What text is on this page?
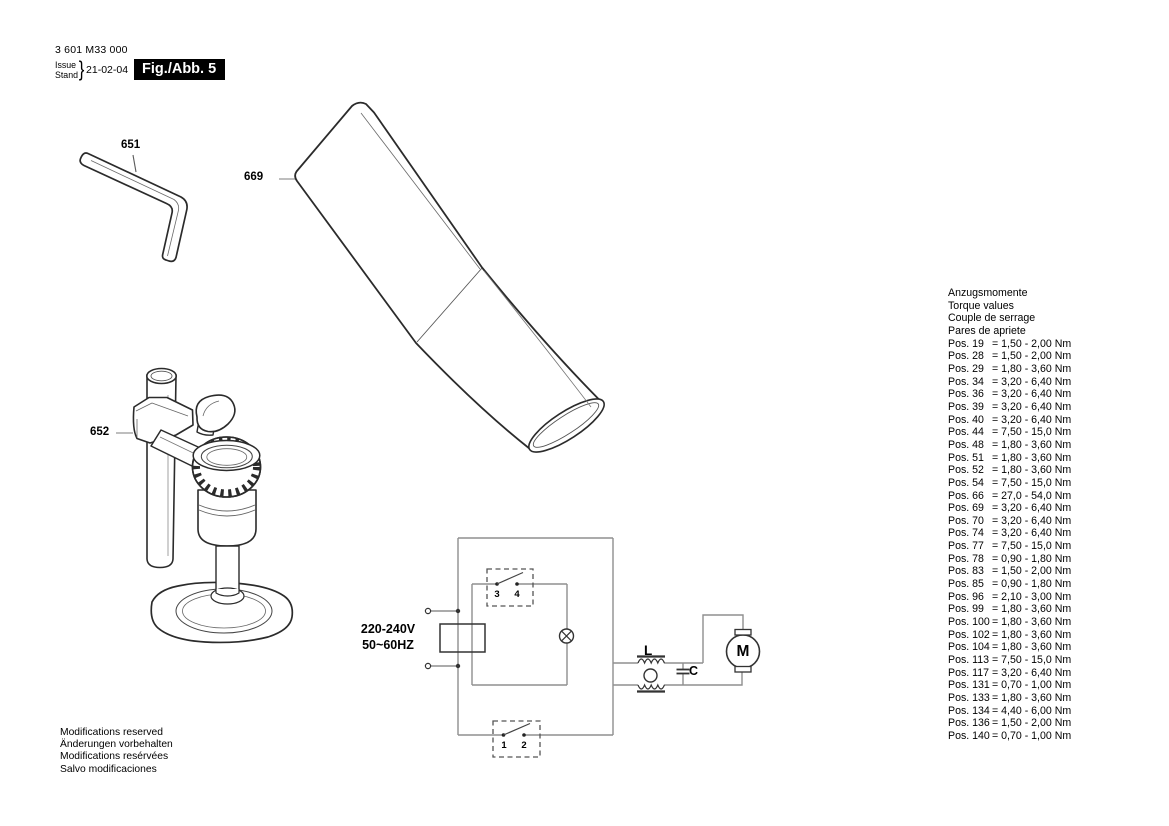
3 601 M33 000
Issue
Stand } 21-02-04 Fig./Abb. 5
651
669
652
220-240V
50~60HZ
3 4
1 2
L
C
M
Anzugsmomente
Torque values
Couple de serrage
Pares de apriete
Pos. 19 = 1,50 - 2,00 Nm
Pos. 28 = 1,50 - 2,00 Nm
Pos. 29 = 1,80 - 3,60 Nm
Pos. 34 = 3,20 - 6,40 Nm
Pos. 36 = 3,20 - 6,40 Nm
Pos. 39 = 3,20 - 6,40 Nm
Pos. 40 = 3,20 - 6,40 Nm
Pos. 44 = 7,50 - 15,0 Nm
Pos. 48 = 1,80 - 3,60 Nm
Pos. 51 = 1,80 - 3,60 Nm
Pos. 52 = 1,80 - 3,60 Nm
Pos. 54 = 7,50 - 15,0 Nm
Pos. 66 = 27,0 - 54,0 Nm
Pos. 69 = 3,20 - 6,40 Nm
Pos. 70 = 3,20 - 6,40 Nm
Pos. 74 = 3,20 - 6,40 Nm
Pos. 77 = 7,50 - 15,0 Nm
Pos. 78 = 0,90 - 1,80 Nm
Pos. 83 = 1,50 - 2,00 Nm
Pos. 85 = 0,90 - 1,80 Nm
Pos. 96 = 2,10 - 3,00 Nm
Pos. 99 = 1,80 - 3,60 Nm
Pos. 100 = 1,80 - 3,60 Nm
Pos. 102 = 1,80 - 3,60 Nm
Pos. 104 = 1,80 - 3,60 Nm
Pos. 113 = 7,50 - 15,0 Nm
Pos. 117 = 3,20 - 6,40 Nm
Pos. 131 = 0,70 - 1,00 Nm
Pos. 133 = 1,80 - 3,60 Nm
Pos. 134 = 4,40 - 6,00 Nm
Pos. 136 = 1,50 - 2,00 Nm
Pos. 140 = 0,70 - 1,00 Nm
Modifications reserved
Änderungen vorbehalten
Modifications resérvées
Salvo modificaciones
